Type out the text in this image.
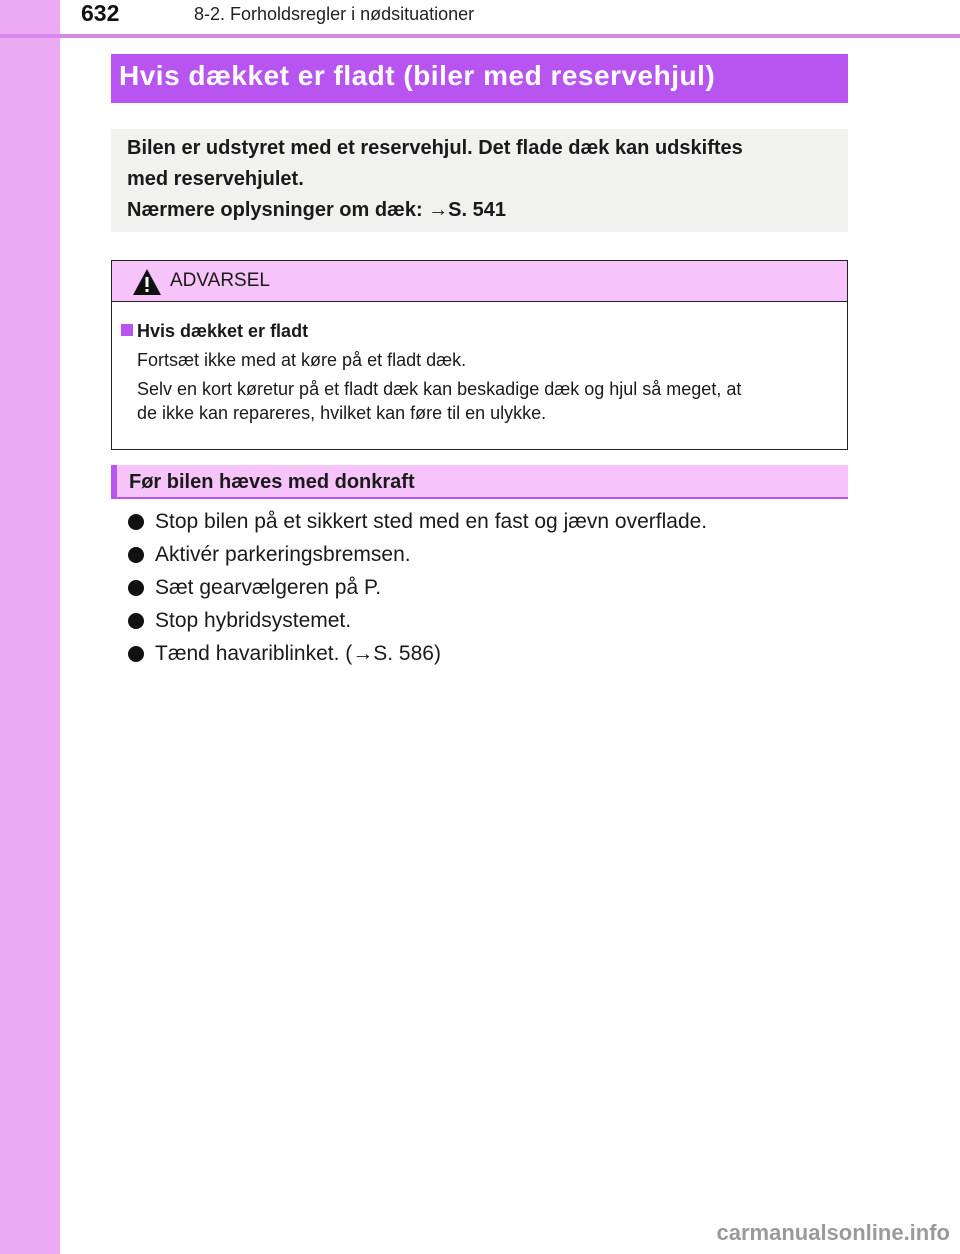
632	8-2. Forholdsregler i nødsituationer
Hvis dækket er fladt (biler med reservehjul)
Bilen er udstyret med et reservehjul. Det flade dæk kan udskiftes
med reservehjulet.
Nærmere oplysninger om dæk: →S. 541
ADVARSEL
Hvis dækket er fladt
Fortsæt ikke med at køre på et fladt dæk.
Selv en kort køretur på et fladt dæk kan beskadige dæk og hjul så meget, at
de ikke kan repareres, hvilket kan føre til en ulykke.
Før bilen hæves med donkraft
Stop bilen på et sikkert sted med en fast og jævn overflade.
Aktivér parkeringsbremsen.
Sæt gearvælgeren på P.
Stop hybridsystemet.
Tænd havariblinket. (→S. 586)
carmanualsonline.info
